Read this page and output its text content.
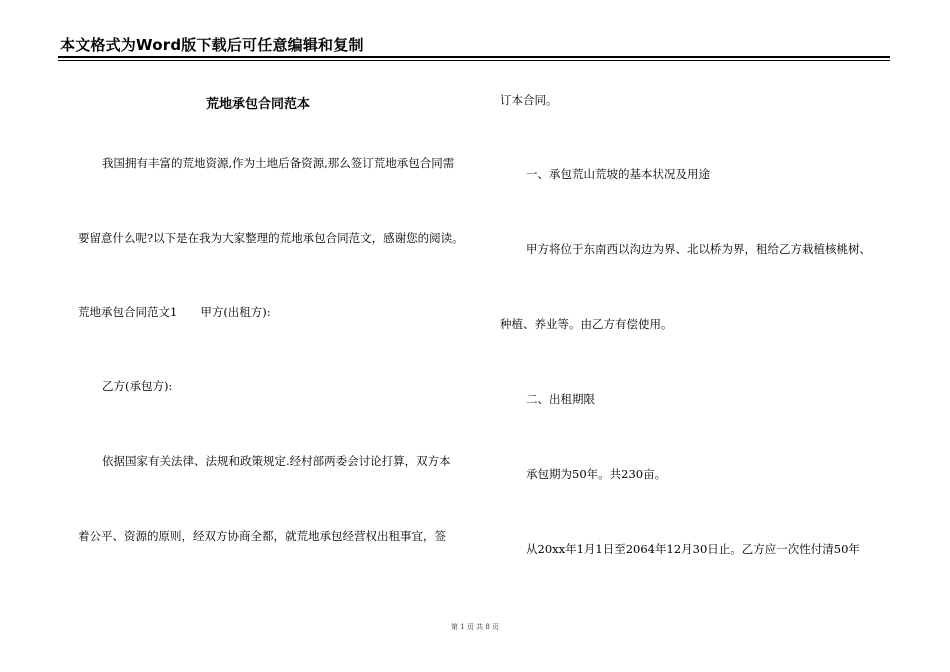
本文格式为Word版下载后可任意编辑和复制
荒地承包合同范本
我国拥有丰富的荒地资源,作为土地后备资源,那么签订荒地承包合同需
要留意什么呢?以下是在我为大家整理的荒地承包合同范文，感谢您的阅读。
荒地承包合同范文1　　甲方(出租方):
乙方(承包方):
依据国家有关法律、法规和政策规定.经村部两委会讨论打算，双方本
着公平、资源的原则，经双方协商全都，就荒地承包经营权出租事宜，签
订本合同。
一、承包荒山荒坡的基本状况及用途
甲方将位于东南西以沟边为界、北以桥为界，租给乙方栽植核桃树、
种植、养业等。由乙方有偿使用。
二、出租期限
承包期为50年。共230亩。
从20xx年1月1日至2064年12月30日止。乙方应一次性付清50年
第 1 页 共 8 页
